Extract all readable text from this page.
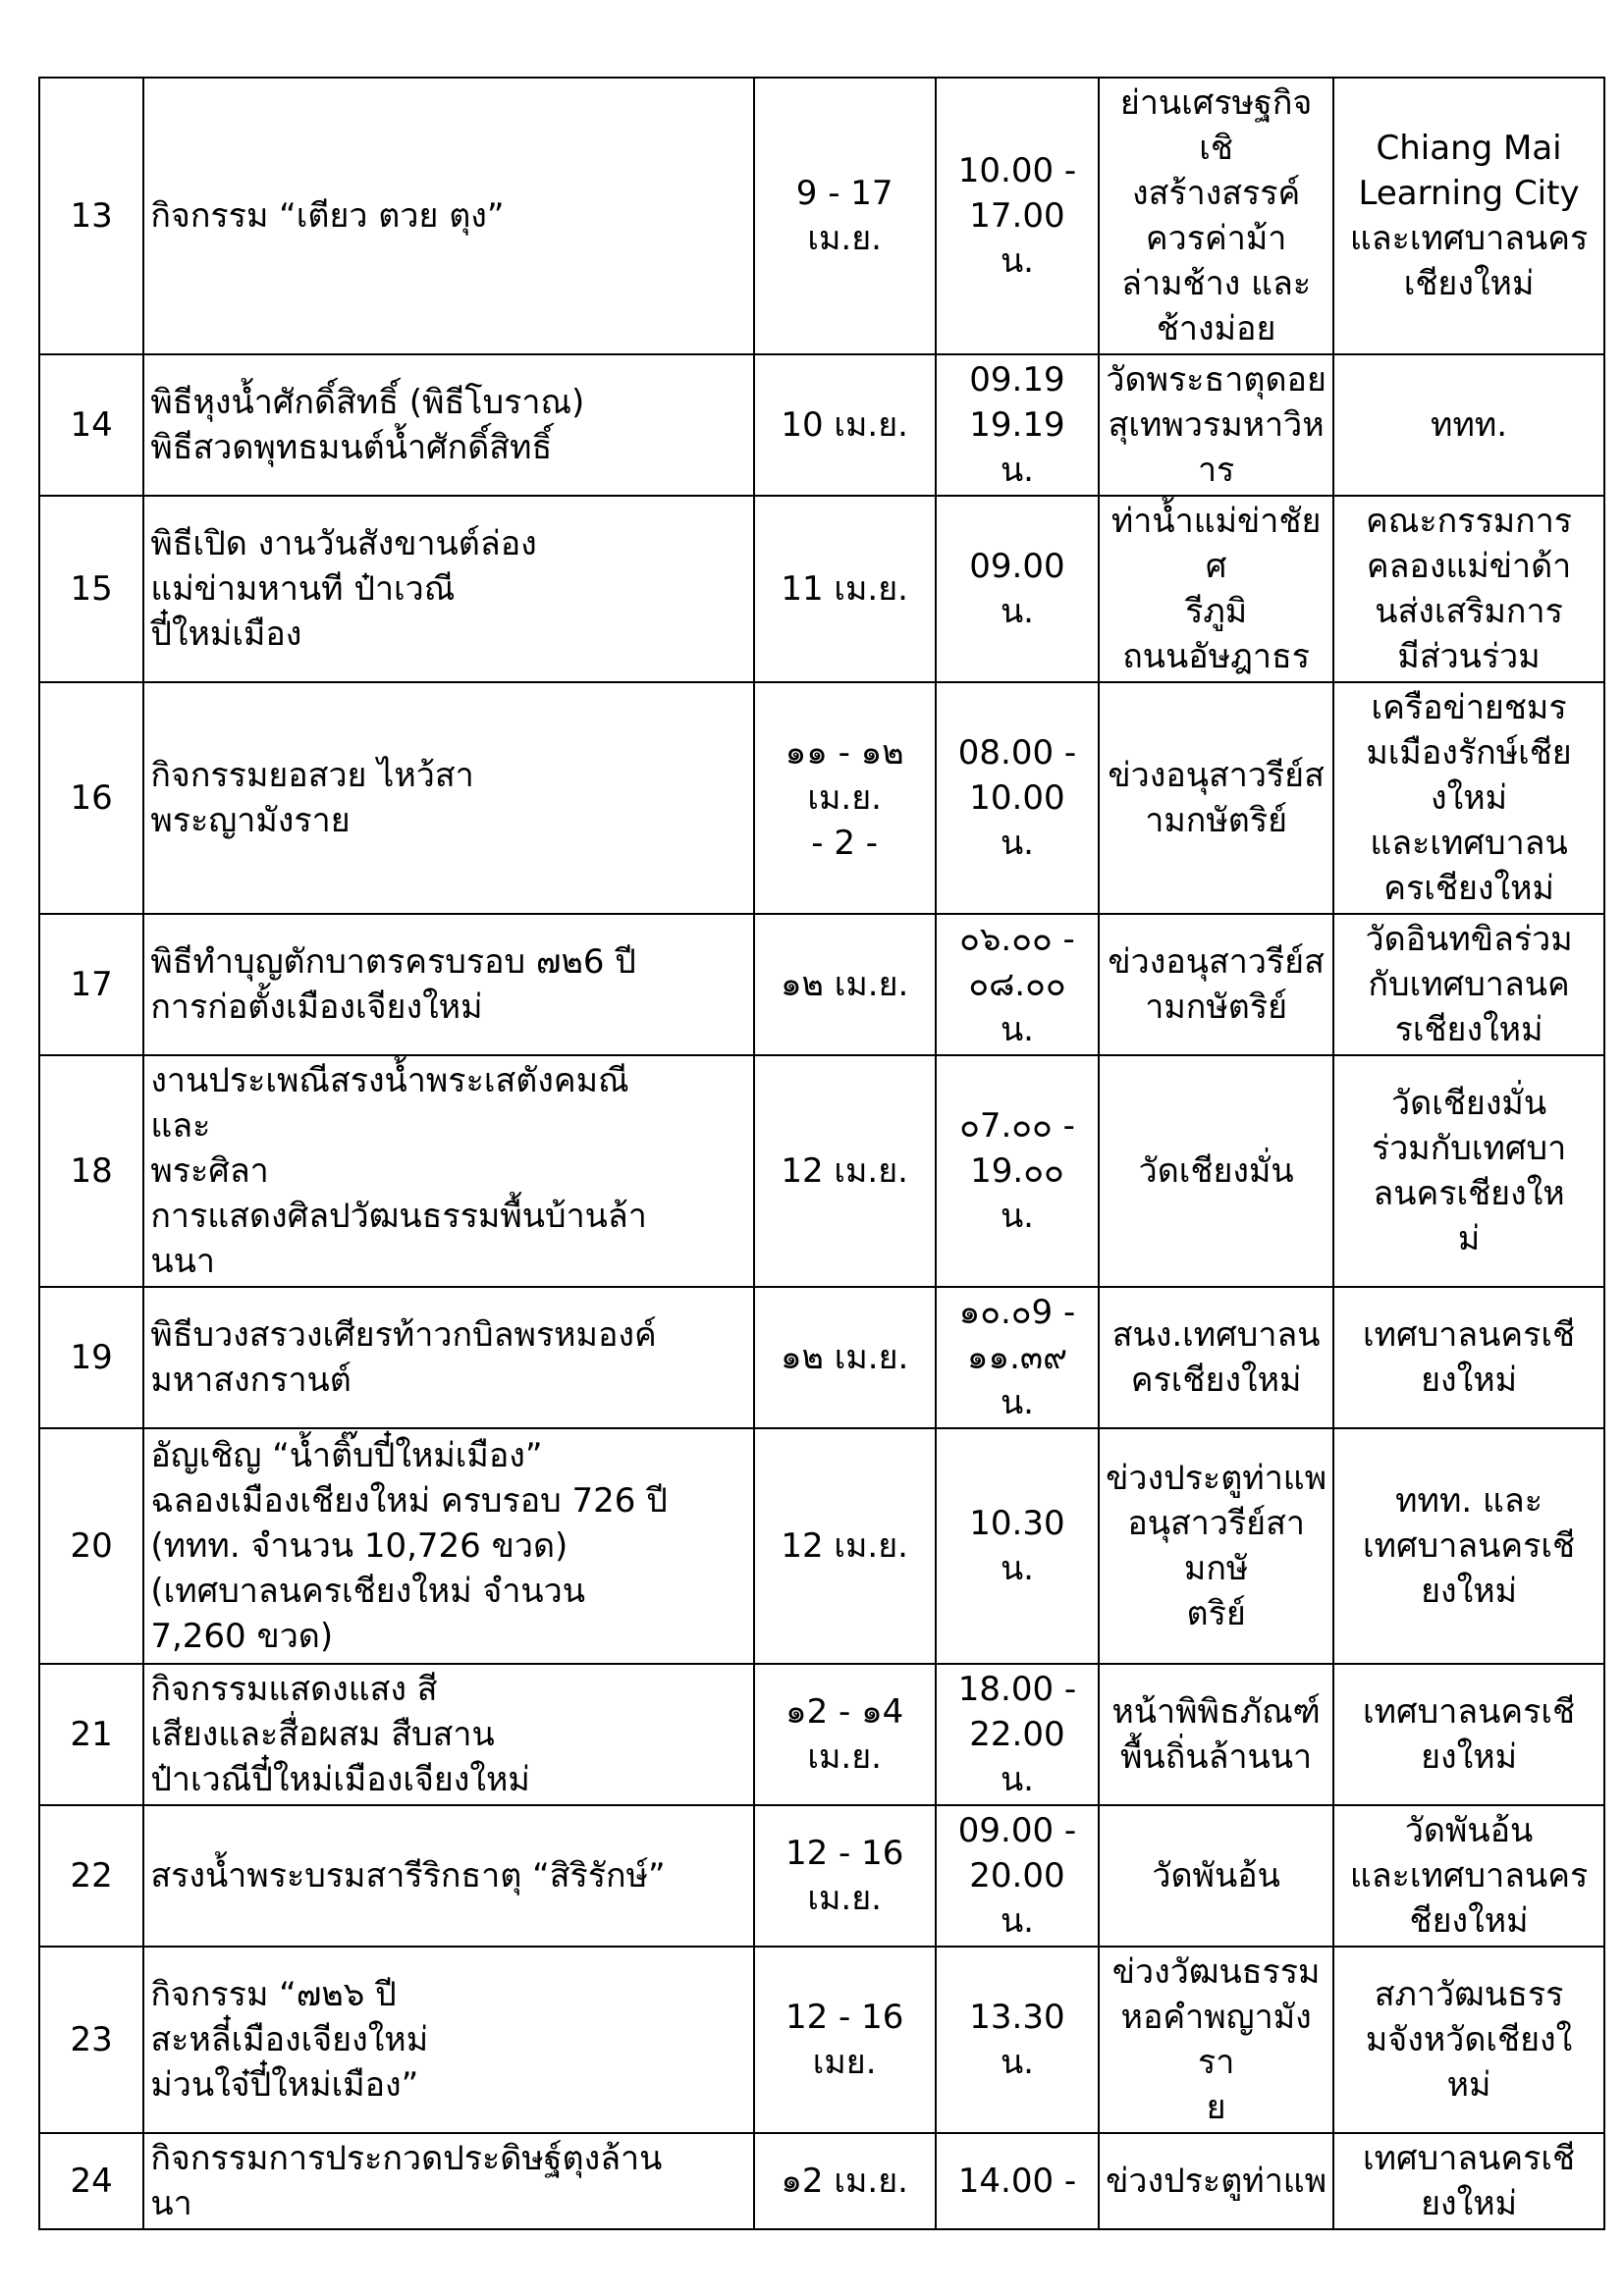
13	กิจกรรม “เตียว ตวย ตุง”	9 - 17
เม.ย.	10.00 -
17.00
น.	ย่านเศรษฐกิจเชิ
งสร้างสรรค์
ควรค่าม้า
ล่ามช้าง และ
ช้างม่อย	Chiang Mai
Learning City
และเทศบาลนคร
เชียงใหม่
14	พิธีหุงน้ำศักดิ์สิทธิ์ (พิธีโบราณ)
พิธีสวดพุทธมนต์น้ำศักดิ์สิทธิ์	10 เม.ย.	09.19
19.19
น.	วัดพระธาตุดอย
สุเทพวรมหาวิห
าร	ททท.
15	พิธีเปิด งานวันสังขานต์ล่อง
แม่ข่ามหานที ป๋าเวณี
ปี๋ใหม่เมือง	11 เม.ย.	09.00
น.	ท่าน้ำแม่ข่าชัยศ
รีภูมิ
ถนนอัษฎาธร	คณะกรรมการ
คลองแม่ข่าด้า
นส่งเสริมการ
มีส่วนร่วม
16	กิจกรรมยอสวย ไหว้สา
พระญามังราย	๑๑ - ๑๒
เม.ย.
- 2 -	08.00 -
10.00
น.	ข่วงอนุสาวรีย์ส
ามกษัตริย์	เครือข่ายชมร
มเมืองรักษ์เชีย
งใหม่
และเทศบาลน
ครเชียงใหม่
17	พิธีทำบุญตักบาตรครบรอบ ๗๒6 ปี
การก่อตั้งเมืองเจียงใหม่	๑๒ เม.ย.	๐๖.๐๐ -
๐๘.๐๐
น.	ข่วงอนุสาวรีย์ส
ามกษัตริย์	วัดอินทขิลร่วม
กับเทศบาลนค
รเชียงใหม่
18	งานประเพณีสรงน้ำพระเสตังคมณี
และ
พระศิลา
การแสดงศิลปวัฒนธรรมพื้นบ้านล้า
นนา	12 เม.ย.	๐7.๐๐ -
19.๐๐
น.	วัดเชียงมั่น	วัดเชียงมั่น
ร่วมกับเทศบา
ลนครเชียงให
ม่
19	พิธีบวงสรวงเศียรท้าวกบิลพรหมองค์
มหาสงกรานต์	๑๒ เม.ย.	๑๐.๐9 -
๑๑.๓๙
น.	สนง.เทศบาลน
ครเชียงใหม่	เทศบาลนครเชี
ยงใหม่
20	อัญเชิญ “น้ำติ๊บปี๋ใหม่เมือง”
ฉลองเมืองเชียงใหม่ ครบรอบ 726 ปี
(ททท. จำนวน 10,726 ขวด)
(เทศบาลนครเชียงใหม่ จำนวน
7,260 ขวด)	12 เม.ย.	10.30
น.	ข่วงประตูท่าแพ
อนุสาวรีย์สามกษั
ตริย์	ททท. และ
เทศบาลนครเชี
ยงใหม่
21	กิจกรรมแสดงแสง สี
เสียงและสื่อผสม สืบสาน
ป๋าเวณีปี๋ใหม่เมืองเจียงใหม่	๑2 - ๑4
เม.ย.	18.00 -
22.00
น.	หน้าพิพิธภัณฑ์
พื้นถิ่นล้านนา	เทศบาลนครเชี
ยงใหม่
22	สรงน้ำพระบรมสารีริกธาตุ “สิริรักษ์”	12 - 16
เม.ย.	09.00 -
20.00
น.	วัดพันอ้น	วัดพันอ้น
และเทศบาลนคร
ชียงใหม่
23	กิจกรรม “๗๒๖ ปี
สะหลี๋เมืองเจียงใหม่
ม่วนใจ๋ปี๋ใหม่เมือง”	12 - 16
เมย.	13.30
น.	ข่วงวัฒนธรรม
หอคำพญามังรา
ย	สภาวัฒนธรร
มจังหวัดเชียงใ
หม่
24	กิจกรรมการประกวดประดิษฐ์ตุงล้าน
นา	๑2 เม.ย.	14.00 -	ข่วงประตูท่าแพ	เทศบาลนครเชี
ยงใหม่
